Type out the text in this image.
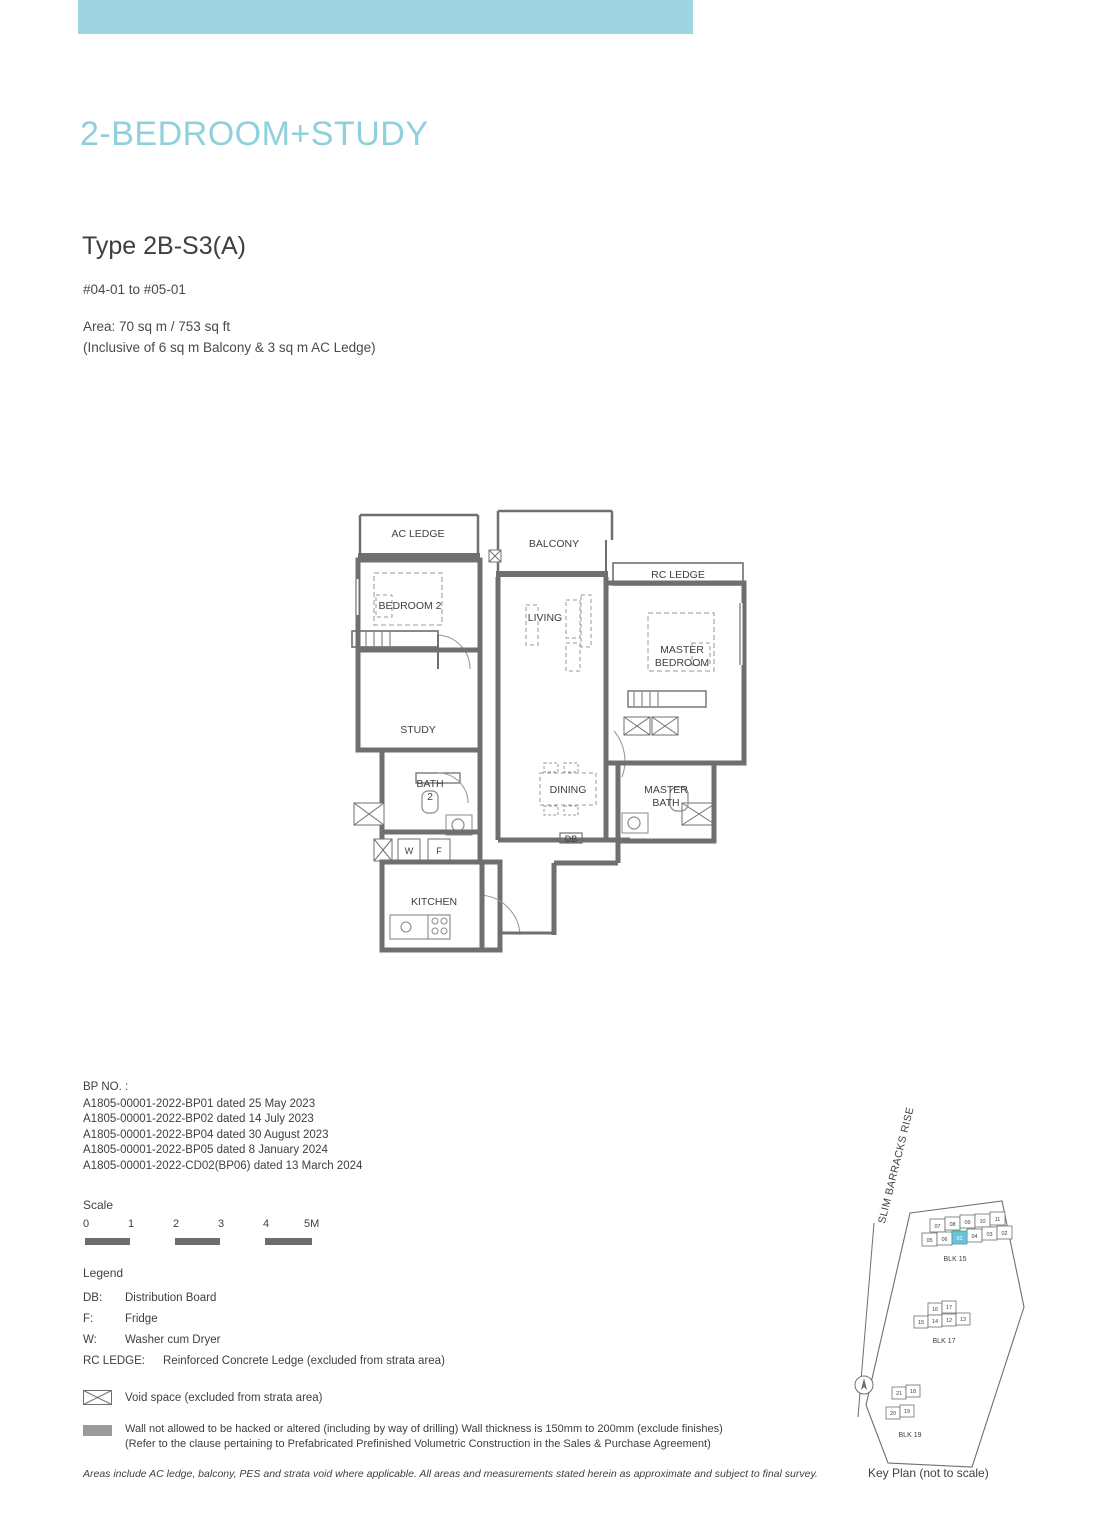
2-BEDROOM+STUDY
Type 2B-S3(A)
#04-01 to #05-01
Area: 70 sq m / 753 sq ft
(Inclusive of 6 sq m Balcony & 3 sq m AC Ledge)
AC LEDGE
BALCONY
RC LEDGE
BEDROOM 2
LIVING
MASTER
BEDROOM
STUDY
BATH
2
DINING	MASTER
BATH
DB
KITCHEN
W	F
BP NO. :
A1805-00001-2022-BP01 dated 25 May 2023
A1805-00001-2022-BP02 dated 14 July 2023
A1805-00001-2022-BP04 dated 30 August 2023
A1805-00001-2022-BP05 dated 8 January 2024
A1805-00001-2022-CD02(BP06) dated 13 March 2024
Scale
0	1	2	3	4	5M
Legend
DB:	Distribution Board
F:	Fridge
W:	Washer cum Dryer
RC LEDGE:	Reinforced Concrete Ledge (excluded from strata area)
Void space (excluded from strata area)
Wall not allowed to be hacked or altered (including by way of drilling) Wall thickness is 150mm to 200mm (exclude finishes)
(Refer to the clause pertaining to Prefabricated Prefinished Volumetric Construction in the Sales & Purchase Agreement)
Areas include AC ledge, balcony, PES and strata void where applicable. All areas and measurements stated herein as approximate and subject to final survey.
07 08 09 10 11
05 06	04 03 02
01
BLK 15
16 17
15 14 12 13
BLK 17
21 18
20 19
BLK 19
SLIM BARRACKS RISE
Key Plan (not to scale)
